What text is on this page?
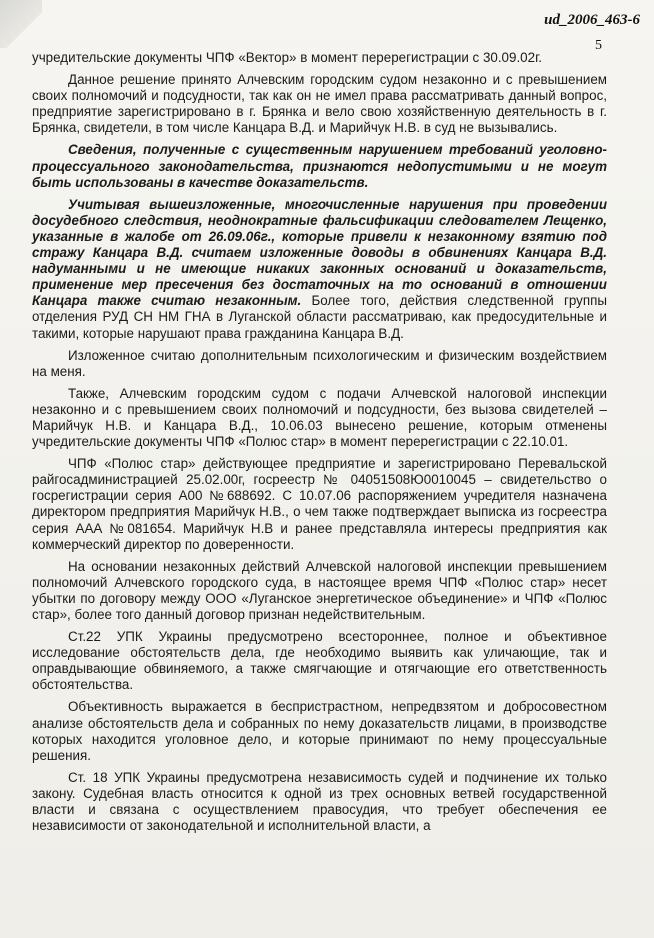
ud_2006_463-6
5

учредительские документы ЧПФ «Вектор» в момент перерегистрации с 30.09.02г.

Данное решение принято Алчевским городским судом незаконно и с превышением своих полномочий и подсудности, так как он не имел права рассматривать данный вопрос, предприятие зарегистрировано в г. Брянка и вело свою хозяйственную деятельность в г. Брянка, свидетели, в том числе Канцара В.Д. и Марийчук Н.В. в суд не вызывались.

Сведения, полученные с существенным нарушением требований уголовно-процессуального законодательства, признаются недопустимыми и не могут быть использованы в качестве доказательств.

Учитывая вышеизложенные, многочисленные нарушения при проведении досудебного следствия, неоднократные фальсификации следователем Лещенко, указанные в жалобе от 26.09.06г., которые привели к незаконному взятию под стражу Канцара В.Д. считаем изложенные доводы в обвинениях Канцара В.Д. надуманными и не имеющие никаких законных оснований и доказательств, применение мер пресечения без достаточных на то оснований в отношении Канцара также считаю незаконным. Более того, действия следственной группы отделения РУД СН НМ ГНА в Луганской области рассматриваю, как предосудительные и такими, которые нарушают права гражданина Канцара В.Д.

Изложенное считаю дополнительным психологическим и физическим воздействием на меня.

Также, Алчевским городским судом с подачи Алчевской налоговой инспекции незаконно и с превышением своих полномочий и подсудности, без вызова свидетелей – Марийчук Н.В. и Канцара В.Д., 10.06.03 вынесено решение, которым отменены учредительские документы ЧПФ «Полюс стар» в момент перерегистрации с 22.10.01.

ЧПФ «Полюс стар» действующее предприятие и зарегистрировано Перевальской райгосадминистрацией 25.02.00г, госреестр № 04051508Ю0010045 – свидетельство о госрегистрации серия А00 №688692. С 10.07.06 распоряжением учредителя назначена директором предприятия Марийчук Н.В., о чем также подтверждает выписка из госреестра серия ААА №081654. Марийчук Н.В и ранее представляла интересы предприятия как коммерческий директор по доверенности.

На основании незаконных действий Алчевской налоговой инспекции превышением полномочий Алчевского городского суда, в настоящее время ЧПФ «Полюс стар» несет убытки по договору между ООО «Луганское энергетическое объединение» и ЧПФ «Полюс стар», более того данный договор признан недействительным.

Ст.22 УПК Украины предусмотрено всестороннее, полное и объективное исследование обстоятельств дела, где необходимо выявить как уличающие, так и оправдывающие обвиняемого, а также смягчающие и отягчающие его ответственность обстоятельства.

Объективность выражается в беспристрастном, непредвзятом и добросовестном анализе обстоятельств дела и собранных по нему доказательств лицами, в производстве которых находится уголовное дело, и которые принимают по нему процессуальные решения.

Ст. 18 УПК Украины предусмотрена независимость судей и подчинение их только закону. Судебная власть относится к одной из трех основных ветвей государственной власти и связана с осуществлением правосудия, что требует обеспечения ее независимости от законодательной и исполнительной власти, а
